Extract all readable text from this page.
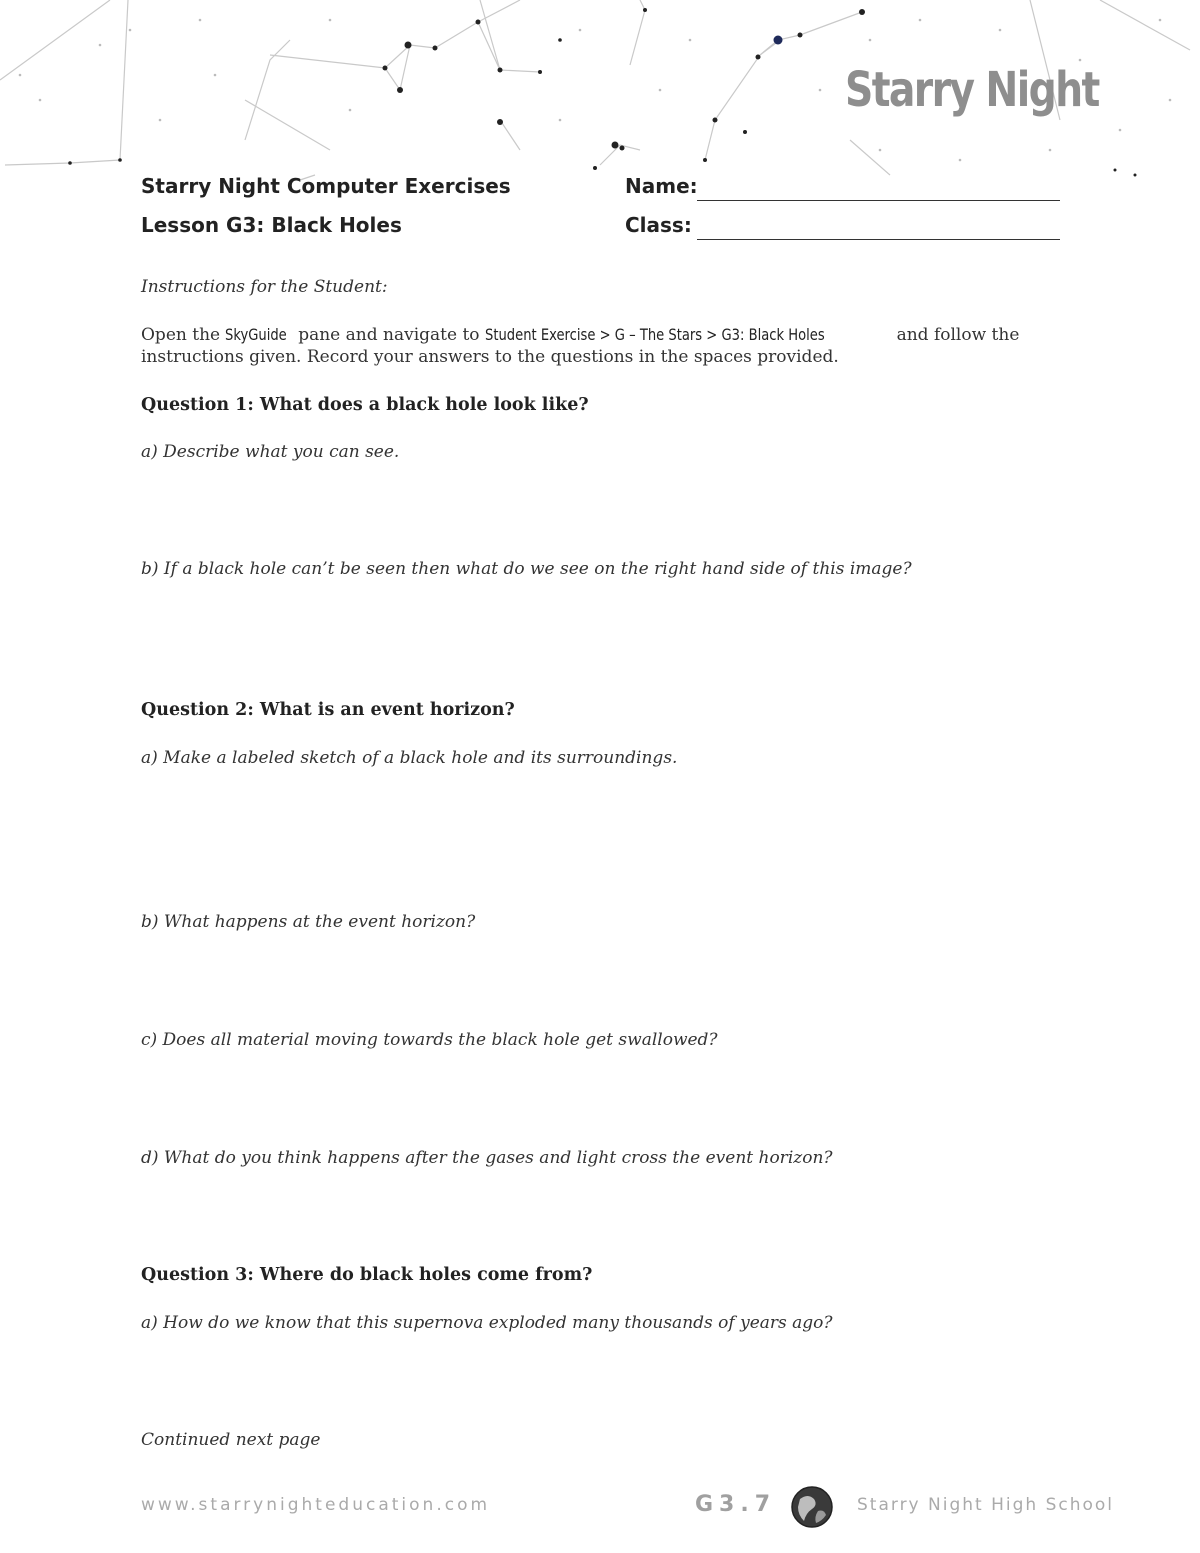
Starry Night
Starry Night Computer Exercises
Lesson G3: Black Holes
Name:
Class:
Instructions for the Student:
Open the SkyGuide pane and navigate to Student Exercise > G – The Stars > G3: Black Holes	and follow the
instructions given. Record your answers to the questions in the spaces provided.
Question 1: What does a black hole look like?
a) Describe what you can see.
b) If a black hole can’t be seen then what do we see on the right hand side of this image?
Question 2: What is an event horizon?
a) Make a labeled sketch of a black hole and its surroundings.
b) What happens at the event horizon?
c) Does all material moving towards the black hole get swallowed?
d) What do you think happens after the gases and light cross the event horizon?
Question 3: Where do black holes come from?
a) How do we know that this supernova exploded many thousands of years ago?
Continued next page
www.starrynighteducation.com	G3.7	Starry Night High School
